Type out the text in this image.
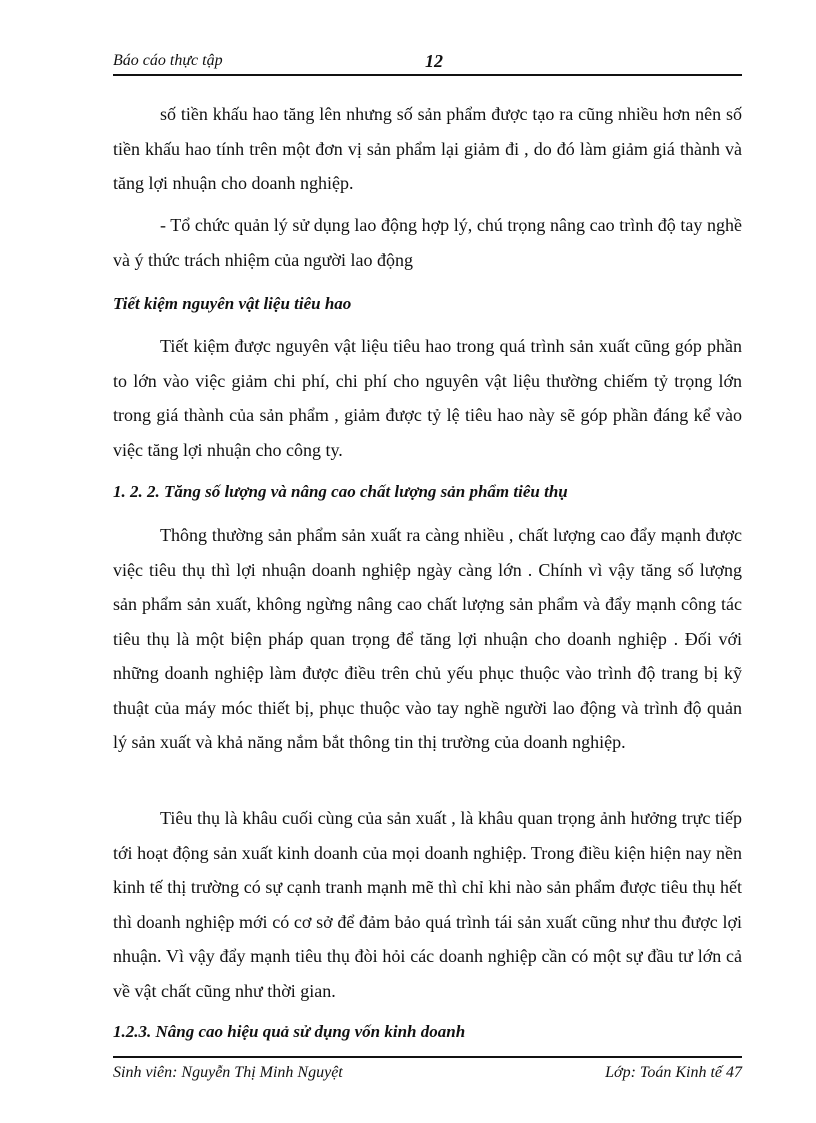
Báo cáo thực tập	12

số tiền khấu hao tăng lên nhưng số sản phẩm được tạo ra cũng nhiều hơn nên số tiền khấu hao tính trên một đơn vị sản phẩm lại giảm đi , do đó làm giảm giá thành và tăng lợi nhuận cho doanh nghiệp.

- Tổ chức quản lý sử dụng lao động hợp lý, chú trọng nâng cao trình độ tay nghề và ý thức trách nhiệm của người lao động

Tiết kiệm nguyên vật liệu tiêu hao

Tiết kiệm được nguyên vật liệu tiêu hao trong quá trình sản xuất cũng góp phần to lớn vào việc giảm chi phí, chi phí cho nguyên vật liệu thường chiếm tỷ trọng lớn trong giá thành của sản phẩm , giảm được tỷ lệ tiêu hao này sẽ góp phần đáng kể vào việc tăng lợi nhuận cho công ty.

1. 2. 2. Tăng số lượng và nâng cao chất lượng sản phẩm tiêu thụ

Thông thường sản phẩm sản xuất ra càng nhiều , chất lượng cao đẩy mạnh được việc tiêu thụ thì lợi nhuận doanh nghiệp ngày càng lớn . Chính vì vậy tăng số lượng sản phẩm sản xuất, không ngừng nâng cao chất lượng sản phẩm và đẩy mạnh công tác tiêu thụ là một biện pháp quan trọng để tăng lợi nhuận cho doanh nghiệp . Đối với những doanh nghiệp làm được điều trên chủ yếu phục thuộc vào trình độ trang bị kỹ thuật của máy móc thiết bị, phục thuộc vào tay nghề người lao động và trình độ quản lý sản xuất và khả năng nắm bắt thông tin thị trường của doanh nghiệp.

Tiêu thụ là khâu cuối cùng của sản xuất , là khâu quan trọng ảnh hưởng trực tiếp tới hoạt động sản xuất kinh doanh của mọi doanh nghiệp. Trong điều kiện hiện nay nền kinh tế thị trường có sự cạnh tranh mạnh mẽ thì chỉ khi nào sản phẩm được tiêu thụ hết thì doanh nghiệp mới có cơ sở để đảm bảo quá trình tái sản xuất cũng như thu được lợi nhuận. Vì vậy đẩy mạnh tiêu thụ đòi hỏi các doanh nghiệp cần có một sự đầu tư lớn cả về vật chất cũng như thời gian.

1.2.3. Nâng cao hiệu quả sử dụng vốn kinh doanh
Sinh viên: Nguyễn Thị Minh Nguyệt	Lớp: Toán Kinh tế 47
